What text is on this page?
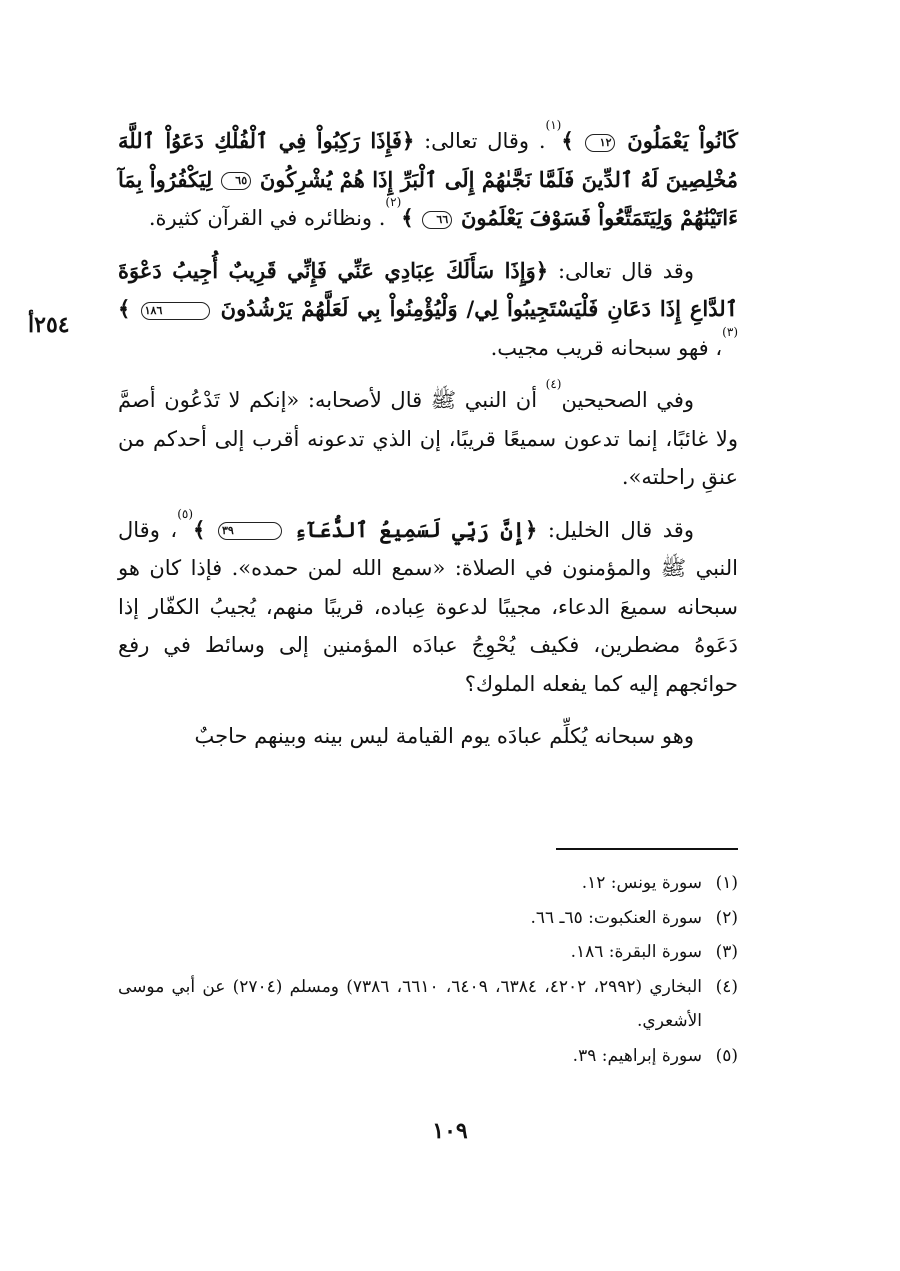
٢٥٤أ

كَانُواْ يَعْمَلُونَ ١٢ ﴾$^{(١)}$. وقال تعالى: ﴿فَإِذَا رَكِبُواْ فِي ٱلْفُلْكِ دَعَوُاْ ٱللَّهَ مُخْلِصِينَ لَهُ ٱلدِّينَ فَلَمَّا نَجَّىٰهُمْ إِلَى ٱلْبَرِّ إِذَا هُمْ يُشْرِكُونَ ٦٥ لِيَكْفُرُواْ بِمَآ ءَاتَيْنَٰهُمْ وَلِيَتَمَتَّعُواْ فَسَوْفَ يَعْلَمُونَ ٦٦ ﴾$^{(٢)}$. ونظائره في القرآن كثيرة.

وقد قال تعالى: ﴿وَإِذَا سَأَلَكَ عِبَادِي عَنِّي فَإِنِّي قَرِيبٌ أُجِيبُ دَعْوَةَ ٱلدَّاعِ إِذَا دَعَانِ فَلْيَسْتَجِيبُواْ لِي/ وَلْيُؤْمِنُواْ بِي لَعَلَّهُمْ يَرْشُدُونَ ١٨٦ ﴾$^{(٣)}$، فهو سبحانه قريب مجيب.

وفي الصحيحين$^{(٤)}$ أن النبي ﷺ قال لأصحابه: «إنكم لا تَدْعُون أصمَّ ولا غائبًا، إنما تدعون سميعًا قريبًا، إن الذي تدعونه أقرب إلى أحدكم من عنقِ راحلته».

وقد قال الخليل: ﴿إِنَّ رَبِّي لَسَمِيعُ ٱلدُّعَآءِ ٣٩ ﴾$^{(٥)}$، وقال النبي ﷺ والمؤمنون في الصلاة: «سمع الله لمن حمده». فإذا كان هو سبحانه سميعَ الدعاء، مجيبًا لدعوة عِباده، قريبًا منهم، يُجيبُ الكفّار إذا دَعَوهُ مضطرين، فكيف يُحْوِجُ عبادَه المؤمنين إلى وسائط في رفع حوائجهم إليه كما يفعله الملوك؟

وهو سبحانه يُكلِّم عبادَه يوم القيامة ليس بينه وبينهم حاجبٌ

(١)
سورة يونس: ١٢.
(٢)
سورة العنكبوت: ٦٥ـ ٦٦.
(٣)
سورة البقرة: ١٨٦.
(٤)
البخاري (٢٩٩٢، ٤٢٠٢، ٦٣٨٤، ٦٤٠٩، ٦٦١٠، ٧٣٨٦) ومسلم (٢٧٠٤) عن أبي موسى الأشعري.
(٥)
سورة إبراهيم: ٣٩.
١٠٩
